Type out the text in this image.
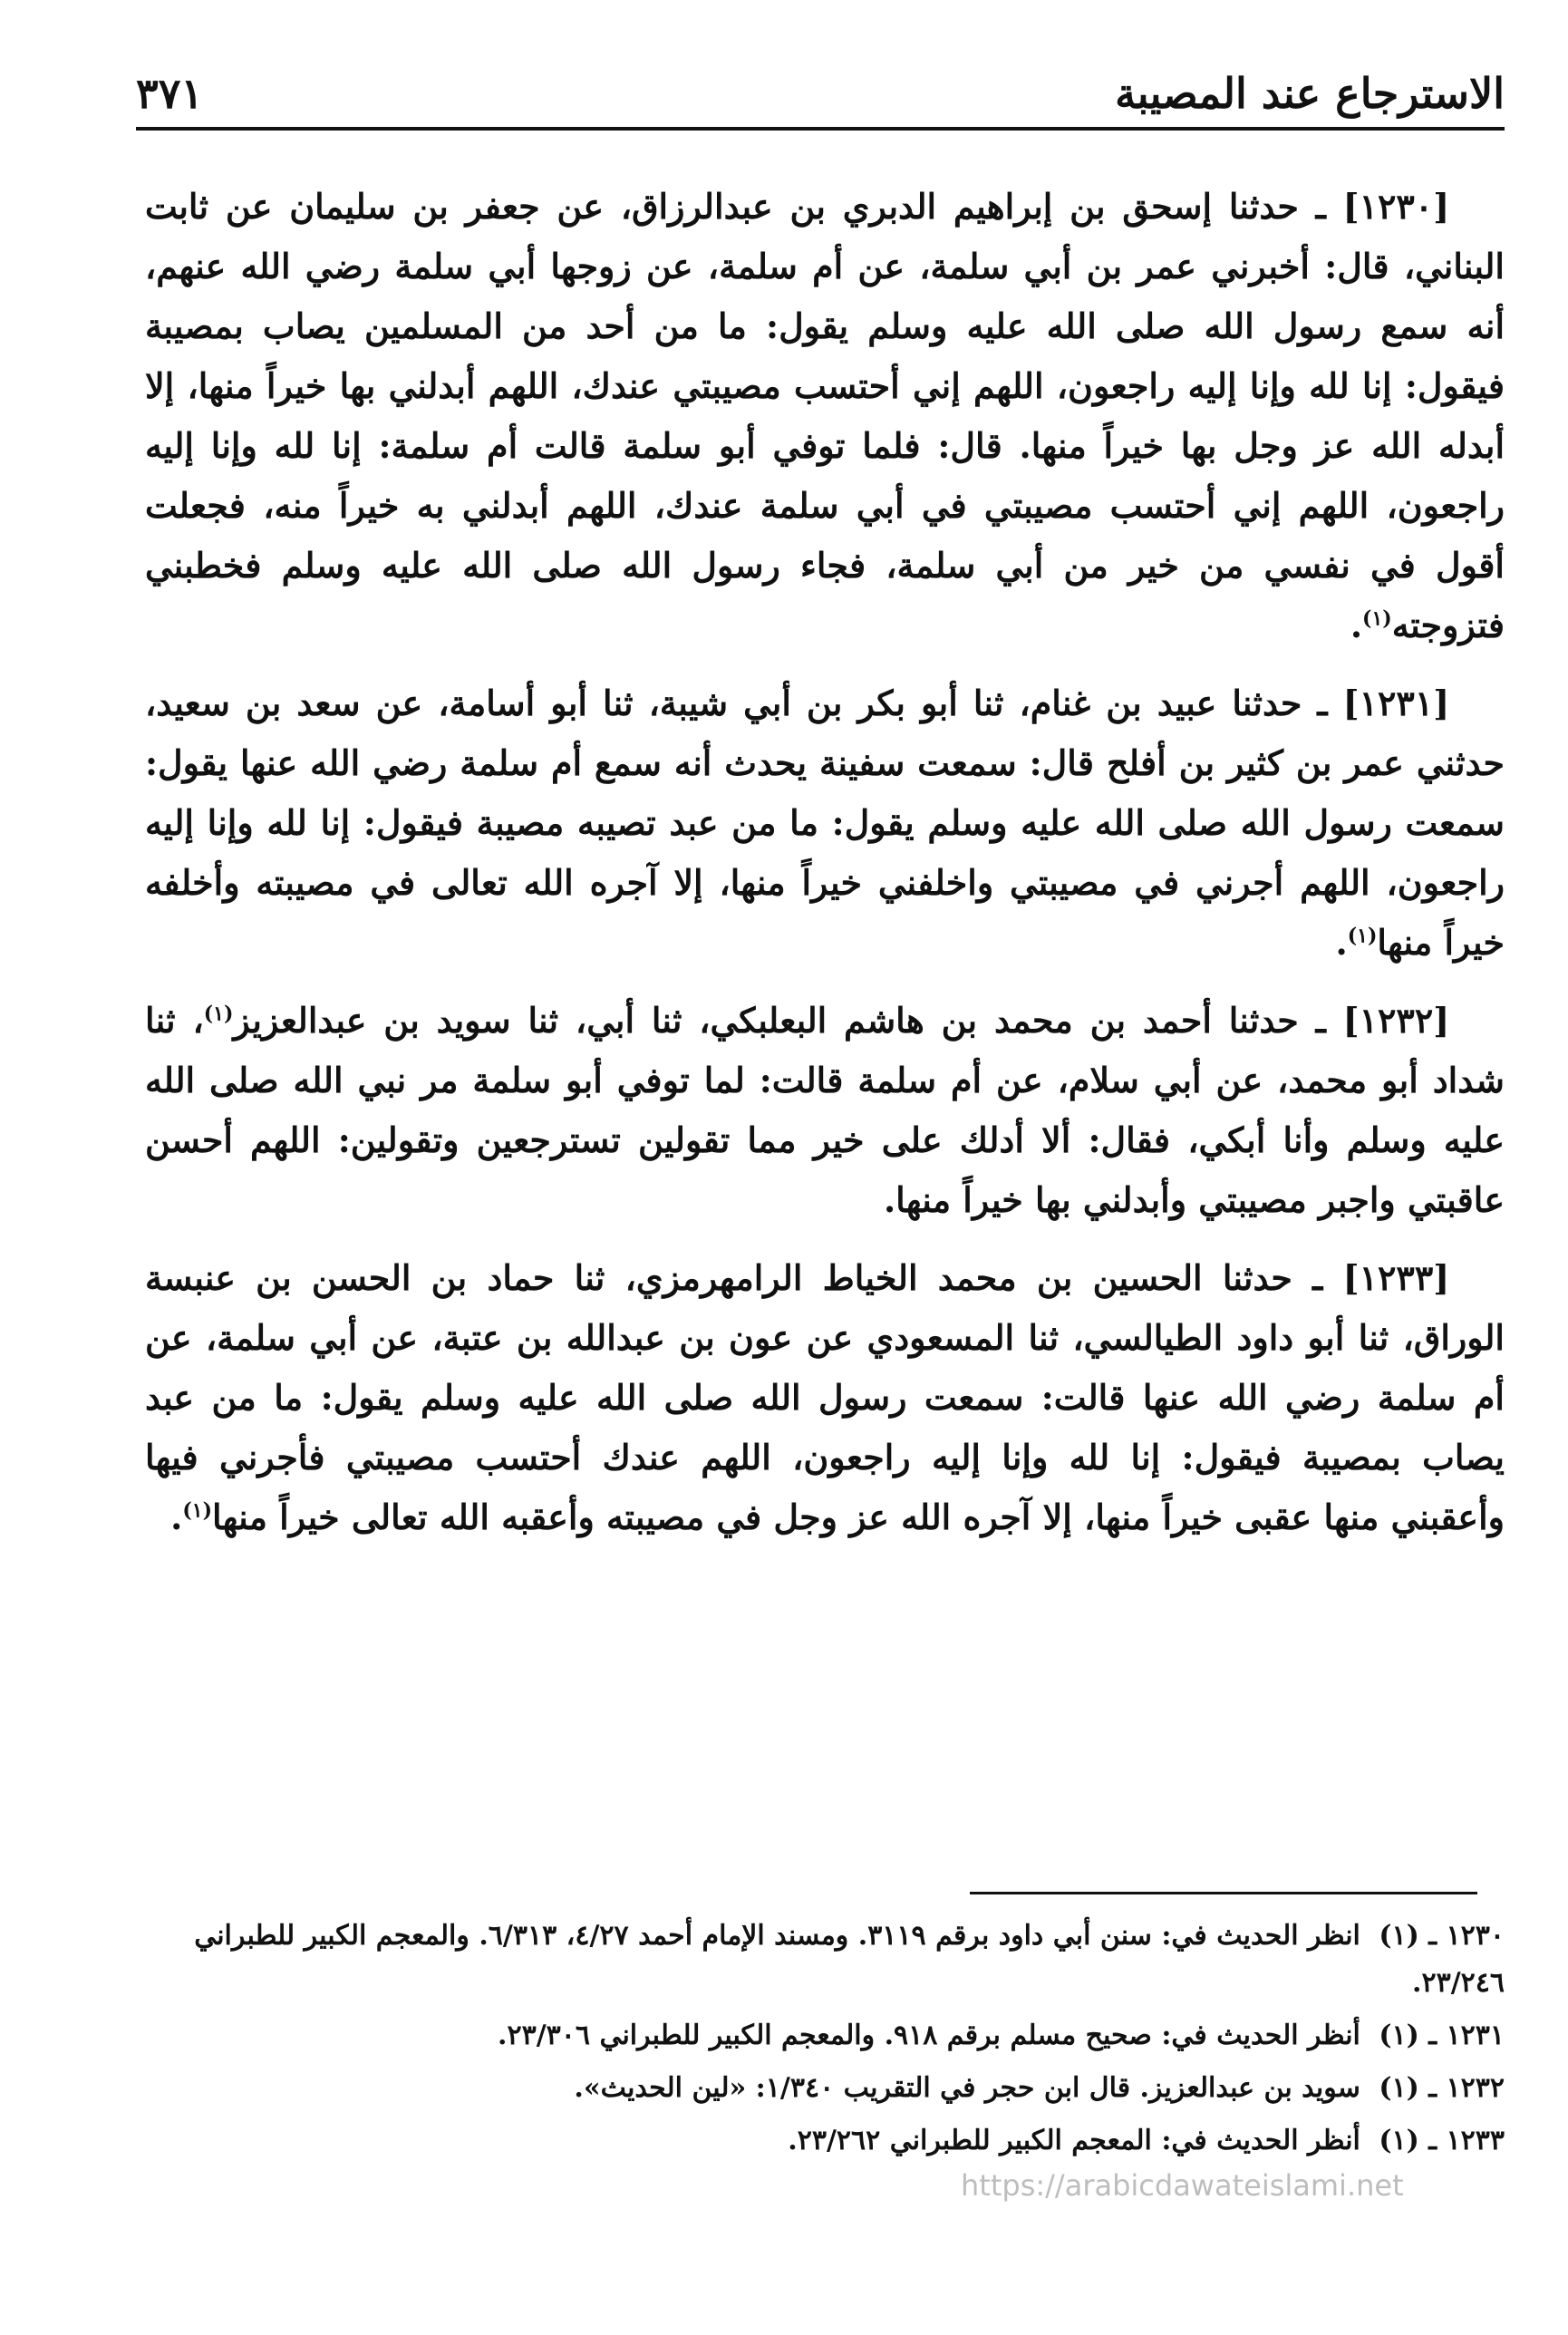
الاسترجاع عند المصيبة
٣٧١

[١٢٣٠] ـ حدثنا إسحق بن إبراهيم الدبري بن عبدالرزاق، عن جعفر بن سليمان عن ثابت البناني، قال: أخبرني عمر بن أبي سلمة، عن أم سلمة، عن زوجها أبي سلمة رضي الله عنهم، أنه سمع رسول الله صلى الله عليه وسلم يقول: ما من أحد من المسلمين يصاب بمصيبة فيقول: إنا لله وإنا إليه راجعون، اللهم إني أحتسب مصيبتي عندك، اللهم أبدلني بها خيراً منها، إلا أبدله الله عز وجل بها خيراً منها. قال: فلما توفي أبو سلمة قالت أم سلمة: إنا لله وإنا إليه راجعون، اللهم إني أحتسب مصيبتي في أبي سلمة عندك، اللهم أبدلني به خيراً منه، فجعلت أقول في نفسي من خير من أبي سلمة، فجاء رسول الله صلى الله عليه وسلم فخطبني فتزوجته$^{(١)}$.

[١٢٣١] ـ حدثنا عبيد بن غنام، ثنا أبو بكر بن أبي شيبة، ثنا أبو أسامة، عن سعد بن سعيد، حدثني عمر بن كثير بن أفلح قال: سمعت سفينة يحدث أنه سمع أم سلمة رضي الله عنها يقول: سمعت رسول الله صلى الله عليه وسلم يقول: ما من عبد تصيبه مصيبة فيقول: إنا لله وإنا إليه راجعون، اللهم أجرني في مصيبتي واخلفني خيراً منها، إلا آجره الله تعالى في مصيبته وأخلفه خيراً منها$^{(١)}$.

[١٢٣٢] ـ حدثنا أحمد بن محمد بن هاشم البعلبكي، ثنا أبي، ثنا سويد بن عبدالعزيز$^{(١)}$، ثنا شداد أبو محمد، عن أبي سلام، عن أم سلمة قالت: لما توفي أبو سلمة مر نبي الله صلى الله عليه وسلم وأنا أبكي، فقال: ألا أدلك على خير مما تقولين تسترجعين وتقولين: اللهم أحسن عاقبتي واجبر مصيبتي وأبدلني بها خيراً منها.

[١٢٣٣] ـ حدثنا الحسين بن محمد الخياط الرامهرمزي، ثنا حماد بن الحسن بن عنبسة الوراق، ثنا أبو داود الطيالسي، ثنا المسعودي عن عون بن عبدالله بن عتبة، عن أبي سلمة، عن أم سلمة رضي الله عنها قالت: سمعت رسول الله صلى الله عليه وسلم يقول: ما من عبد يصاب بمصيبة فيقول: إنا لله وإنا إليه راجعون، اللهم عندك أحتسب مصيبتي فأجرني فيها وأعقبني منها عقبى خيراً منها، إلا آجره الله عز وجل في مصيبته وأعقبه الله تعالى خيراً منها$^{(١)}$.

١٢٣٠ ـ (١) انظر الحديث في: سنن أبي داود برقم ٣١١٩. ومسند الإمام أحمد ٤/٢٧، ٦/٣١٣. والمعجم الكبير للطبراني ٢٣/٢٤٦.

١٢٣١ ـ (١) أنظر الحديث في: صحيح مسلم برقم ٩١٨. والمعجم الكبير للطبراني ٢٣/٣٠٦.

١٢٣٢ ـ (١) سويد بن عبدالعزيز. قال ابن حجر في التقريب ١/٣٤٠: «لين الحديث».

١٢٣٣ ـ (١) أنظر الحديث في: المعجم الكبير للطبراني ٢٣/٢٦٢.

https://arabicdawateislami.net
